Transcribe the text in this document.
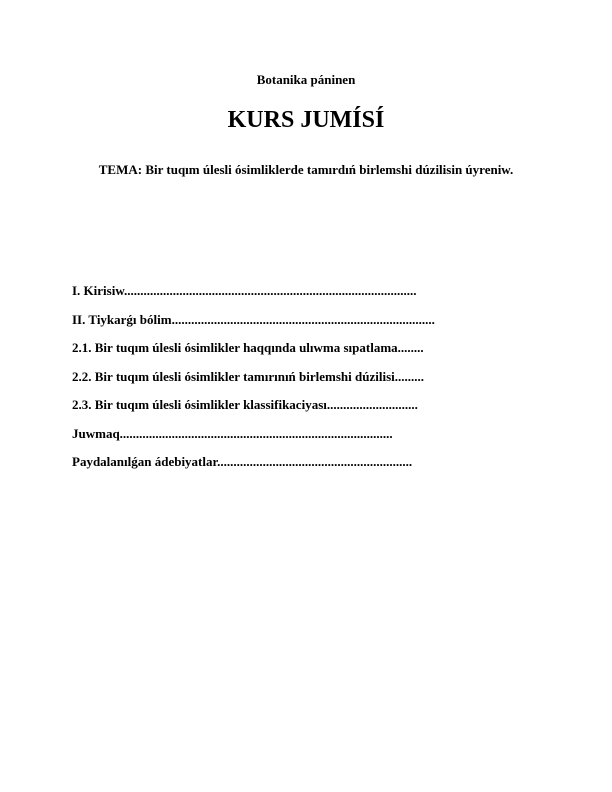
Botanika páninen
KURS JUMÍSÍ
TEMA: Bir tuqım úlesli ósimliklerde tamırdıń birlemshi dúzilisin úyreniw.
I. Kirisiw..........................................................................................
II. Tiykarǵı bólim.................................................................................
2.1. Bir tuqım úlesli ósimlikler haqqında ulıwma sıpatlama........
2.2. Bir tuqım úlesli ósimlikler tamırınıń birlemshi dúzilisi.........
2.3. Bir tuqım úlesli ósimlikler klassifikaciyası............................
Juwmaq....................................................................................
Paydalanılǵan ádebiyatlar............................................................
